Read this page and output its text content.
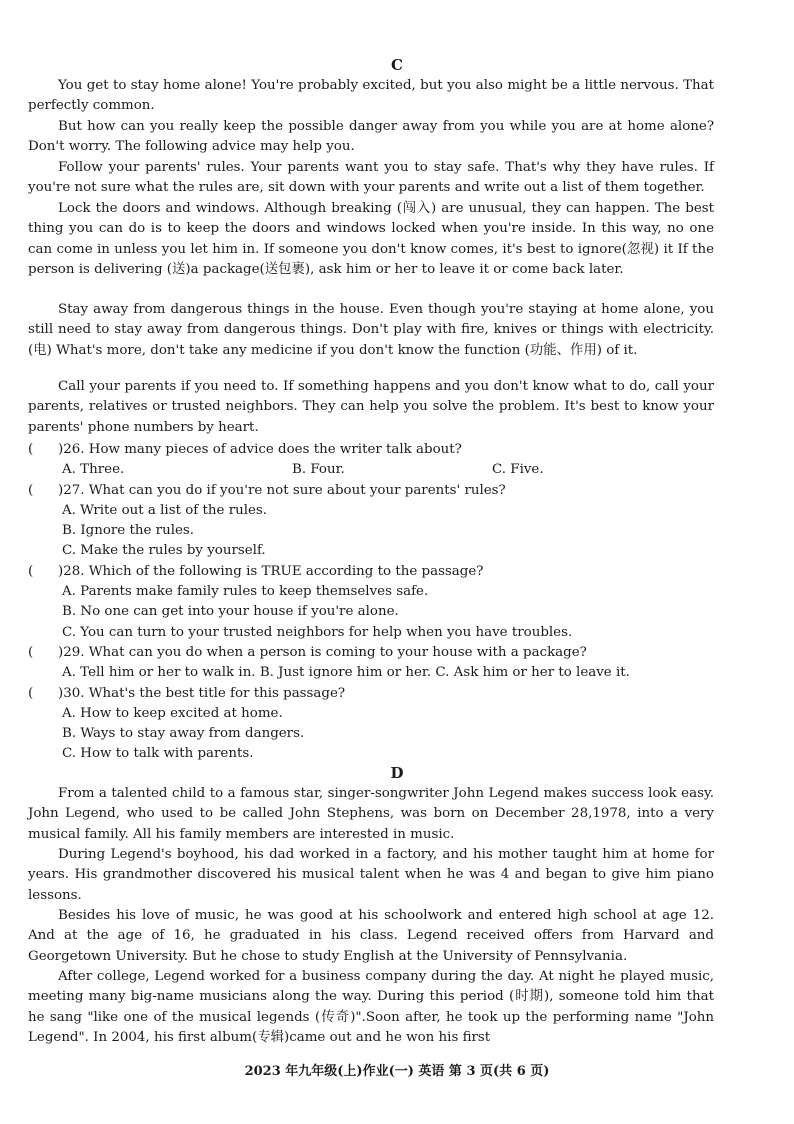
C

You get to stay home alone! You're probably excited, but you also might be a little nervous. That perfectly common.

But how can you really keep the possible danger away from you while you are at home alone? Don't worry. The following advice may help you.

Follow your parents' rules. Your parents want you to stay safe. That's why they have rules. If you're not sure what the rules are, sit down with your parents and write out a list of them together.

Lock the doors and windows. Although breaking (闯入) are unusual, they can happen. The best thing you can do is to keep the doors and windows locked when you're inside. In this way, no one can come in unless you let him in. If someone you don't know comes, it's best to ignore(忽视) it If the person is delivering (送)a package(送包裹), ask him or her to leave it or come back later.

Stay away from dangerous things in the house. Even though you're staying at home alone, you still need to stay away from dangerous things. Don't play with fire, knives or things with electricity.(电) What's more, don't take any medicine if you don't know the function (功能、作用) of it.

Call your parents if you need to. If something happens and you don't know what to do, call your parents, relatives or trusted neighbors. They can help you solve the problem. It's best to know your parents' phone numbers by heart.

( )26. How many pieces of advice does the writer talk about?
A. Three.	B. Four.	C. Five.
( )27. What can you do if you're not sure about your parents' rules?
A. Write out a list of the rules.
B. Ignore the rules.
C. Make the rules by yourself.
( )28. Which of the following is TRUE according to the passage?
A. Parents make family rules to keep themselves safe.
B. No one can get into your house if you're alone.
C. You can turn to your trusted neighbors for help when you have troubles.
( )29. What can you do when a person is coming to your house with a package?
A. Tell him or her to walk in. B. Just ignore him or her. C. Ask him or her to leave it.
( )30. What's the best title for this passage?
A. How to keep excited at home.
B. Ways to stay away from dangers.
C. How to talk with parents.
D

From a talented child to a famous star, singer-songwriter John Legend makes success look easy. John Legend, who used to be called John Stephens, was born on December 28,1978, into a very musical family. All his family members are interested in music.

During Legend's boyhood, his dad worked in a factory, and his mother taught him at home for years. His grandmother discovered his musical talent when he was 4 and began to give him piano lessons.

Besides his love of music, he was good at his schoolwork and entered high school at age 12. And at the age of 16, he graduated in his class. Legend received offers from Harvard and Georgetown University. But he chose to study English at the University of Pennsylvania.

After college, Legend worked for a business company during the day. At night he played music, meeting many big-name musicians along the way. During this period (时期), someone told him that he sang "like one of the musical legends (传奇)".Soon after, he took up the performing name "John Legend". In 2004, his first album(专辑)came out and he won his first

2023 年九年级(上)作业(一) 英语 第 3 页(共 6 页)
